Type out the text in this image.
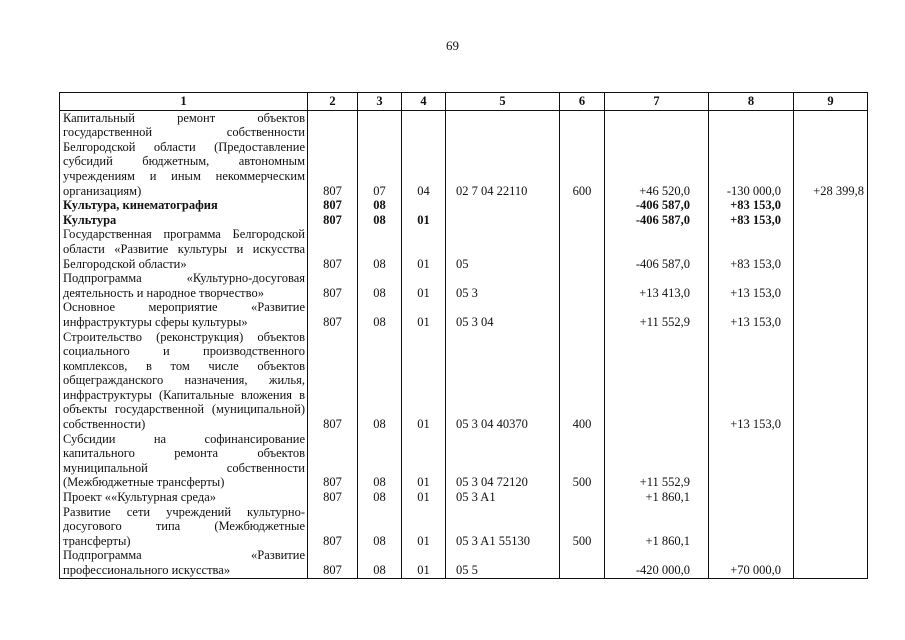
69
1	2	3	4	5	6	7	8	9
Капитальный ремонт объектов государственной собственности Белгородской области (Предоставление субсидий бюджетным, автономным учреждениям и иным некоммерческим организациям)	807	07	04	02 7 04 22110	600	+46 520,0	-130 000,0	+28 399,8
Культура, кинематография	807	08				-406 587,0	+83 153,0	
Культура	807	08	01			-406 587,0	+83 153,0	
Государственная программа Белгородской области «Развитие культуры и искусства Белгородской области»	807	08	01	05		-406 587,0	+83 153,0	
Подпрограмма «Культурно-досуговая деятельность и народное творчество»	807	08	01	05 3		+13 413,0	+13 153,0	
Основное мероприятие «Развитие инфраструктуры сферы культуры»	807	08	01	05 3 04		+11 552,9	+13 153,0	
Строительство (реконструкция) объектов социального и производственного комплексов, в том числе объектов общегражданского назначения, жилья, инфраструктуры (Капитальные вложения в объекты государственной (муниципальной) собственности)	807	08	01	05 3 04 40370	400		+13 153,0	
Субсидии на софинансирование капитального ремонта объектов муниципальной собственности (Межбюджетные трансферты)	807	08	01	05 3 04 72120	500	+11 552,9		
Проект ««Культурная среда»	807	08	01	05 3 A1		+1 860,1		
Развитие сети учреждений культурно-досугового типа (Межбюджетные трансферты)	807	08	01	05 3 A1 55130	500	+1 860,1		
Подпрограмма «Развитие профессионального искусства»	807	08	01	05 5		-420 000,0	+70 000,0	
